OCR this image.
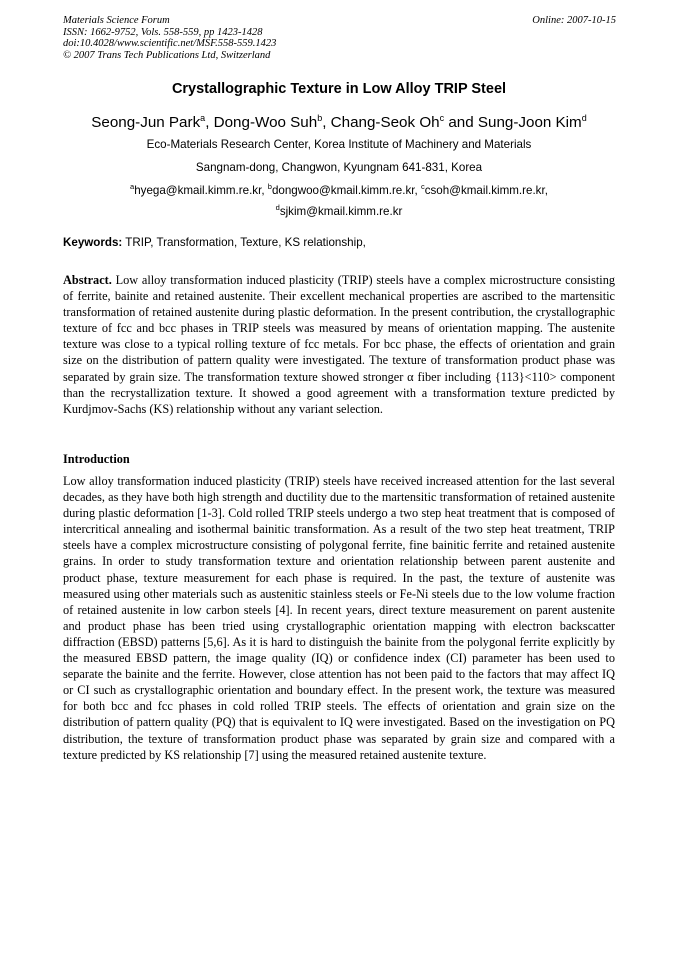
Materials Science Forum
ISSN: 1662-9752, Vols. 558-559, pp 1423-1428
doi:10.4028/www.scientific.net/MSF.558-559.1423
© 2007 Trans Tech Publications Ltd, Switzerland
Online: 2007-10-15
Crystallographic Texture in Low Alloy TRIP Steel
Seong-Jun Park$^a$, Dong-Woo Suh$^b$, Chang-Seok Oh$^c$ and Sung-Joon Kim$^d$
Eco-Materials Research Center, Korea Institute of Machinery and Materials
Sangnam-dong, Changwon, Kyungnam 641-831, Korea
$^a$hyega@kmail.kimm.re.kr, $^b$dongwoo@kmail.kimm.re.kr, $^c$csoh@kmail.kimm.re.kr,
$^d$sjkim@kmail.kimm.re.kr
Keywords: TRIP, Transformation, Texture, KS relationship,
Abstract. Low alloy transformation induced plasticity (TRIP) steels have a complex microstructure consisting of ferrite, bainite and retained austenite. Their excellent mechanical properties are ascribed to the martensitic transformation of retained austenite during plastic deformation. In the present contribution, the crystallographic texture of fcc and bcc phases in TRIP steels was measured by means of orientation mapping. The austenite texture was close to a typical rolling texture of fcc metals. For bcc phase, the effects of orientation and grain size on the distribution of pattern quality were investigated. The texture of transformation product phase was separated by grain size. The transformation texture showed stronger α fiber including {113}<110> component than the recrystallization texture. It showed a good agreement with a transformation texture predicted by Kurdjmov-Sachs (KS) relationship without any variant selection.
Introduction
Low alloy transformation induced plasticity (TRIP) steels have received increased attention for the last several decades, as they have both high strength and ductility due to the martensitic transformation of retained austenite during plastic deformation [1-3]. Cold rolled TRIP steels undergo a two step heat treatment that is composed of intercritical annealing and isothermal bainitic transformation. As a result of the two step heat treatment, TRIP steels have a complex microstructure consisting of polygonal ferrite, fine bainitic ferrite and retained austenite grains. In order to study transformation texture and orientation relationship between parent austenite and product phase, texture measurement for each phase is required. In the past, the texture of austenite was measured using other materials such as austenitic stainless steels or Fe-Ni steels due to the low volume fraction of retained austenite in low carbon steels [4]. In recent years, direct texture measurement on parent austenite and product phase has been tried using crystallographic orientation mapping with electron backscatter diffraction (EBSD) patterns [5,6]. As it is hard to distinguish the bainite from the polygonal ferrite explicitly by the measured EBSD pattern, the image quality (IQ) or confidence index (CI) parameter has been used to separate the bainite and the ferrite. However, close attention has not been paid to the factors that may affect IQ or CI such as crystallographic orientation and boundary effect. In the present work, the texture was measured for both bcc and fcc phases in cold rolled TRIP steels. The effects of orientation and grain size on the distribution of pattern quality (PQ) that is equivalent to IQ were investigated. Based on the investigation on PQ distribution, the texture of transformation product phase was separated by grain size and compared with a texture predicted by KS relationship [7] using the measured retained austenite texture.
